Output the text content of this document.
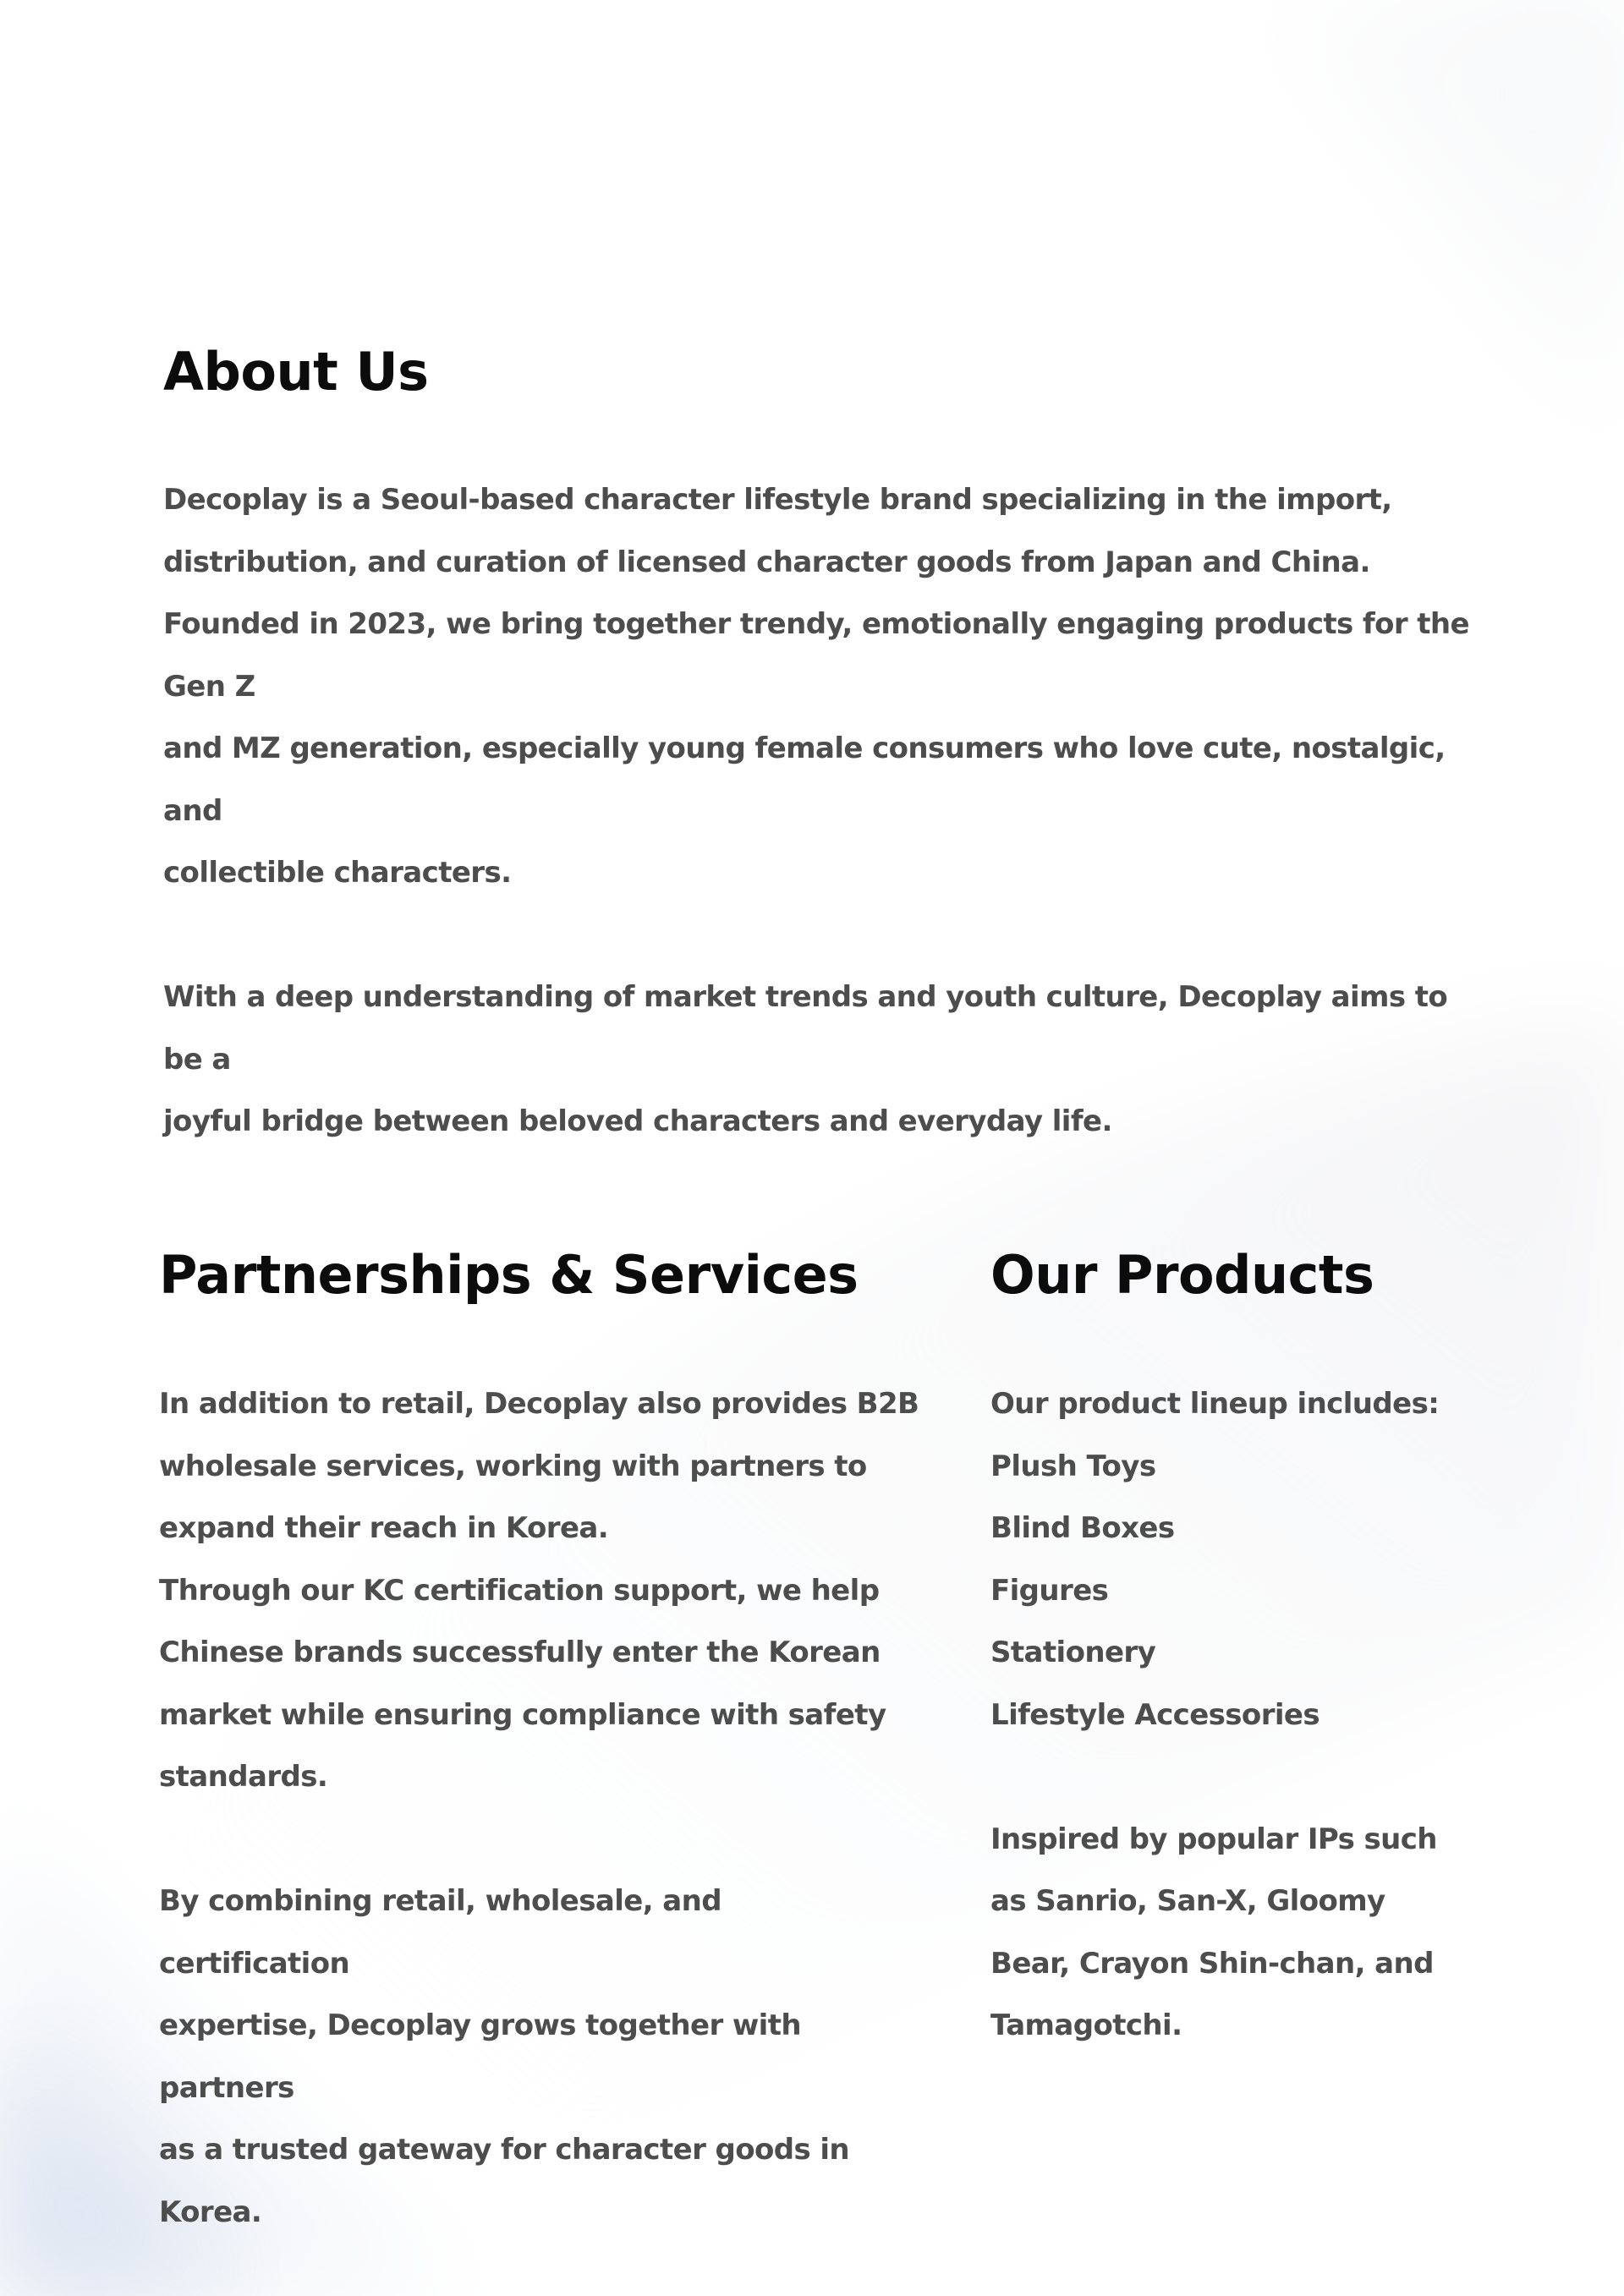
About Us

Decoplay is a Seoul-based character lifestyle brand specializing in the import,

distribution, and curation of licensed character goods from Japan and China.

Founded in 2023, we bring together trendy, emotionally engaging products for the Gen Z

and MZ generation, especially young female consumers who love cute, nostalgic, and

collectible characters.

With a deep understanding of market trends and youth culture, Decoplay aims to be a

joyful bridge between beloved characters and everyday life.

Partnerships & Services

In addition to retail, Decoplay also provides B2B

wholesale services, working with partners to

expand their reach in Korea.

Through our KC certification support, we help

Chinese brands successfully enter the Korean

market while ensuring compliance with safety

standards.

By combining retail, wholesale, and certification

expertise, Decoplay grows together with partners

as a trusted gateway for character goods in Korea.

Our Products

Our product lineup includes:

Plush Toys
Blind Boxes
Figures
Stationery
Lifestyle Accessories

Inspired by popular IPs such

as Sanrio, San-X, Gloomy

Bear, Crayon Shin-chan, and

Tamagotchi.
